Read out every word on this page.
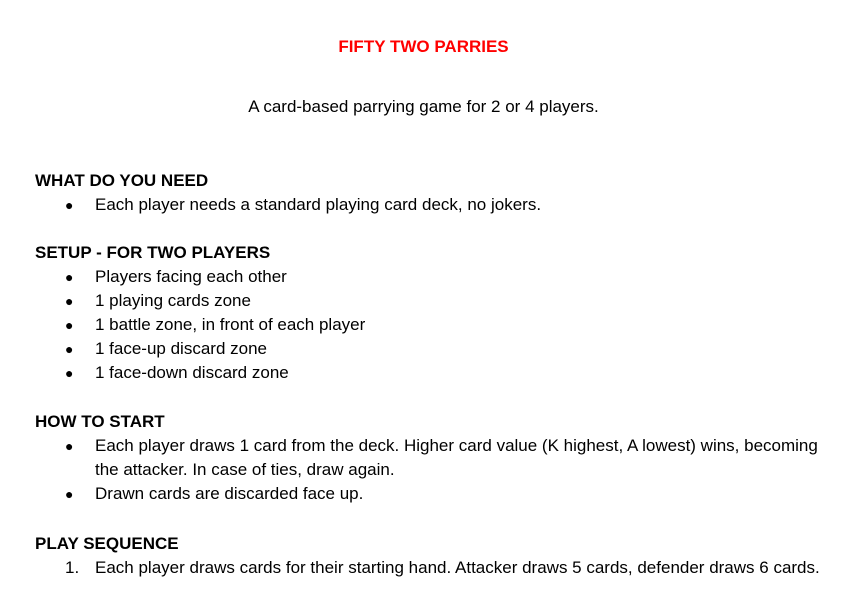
FIFTY TWO PARRIES
A card-based parrying game for 2 or 4 players.
WHAT DO YOU NEED
●	Each player needs a standard playing card deck, no jokers.
SETUP - FOR TWO PLAYERS
●	Players facing each other
●	1 playing cards zone
●	1 battle zone, in front of each player
●	1 face-up discard zone
●	1 face-down discard zone
HOW TO START
●	Each player draws 1 card from the deck. Higher card value (K highest, A lowest) wins, becoming the attacker. In case of ties, draw again.
●	Drawn cards are discarded face up.
PLAY SEQUENCE
1. Each player draws cards for their starting hand. Attacker draws 5 cards, defender draws 6 cards.
